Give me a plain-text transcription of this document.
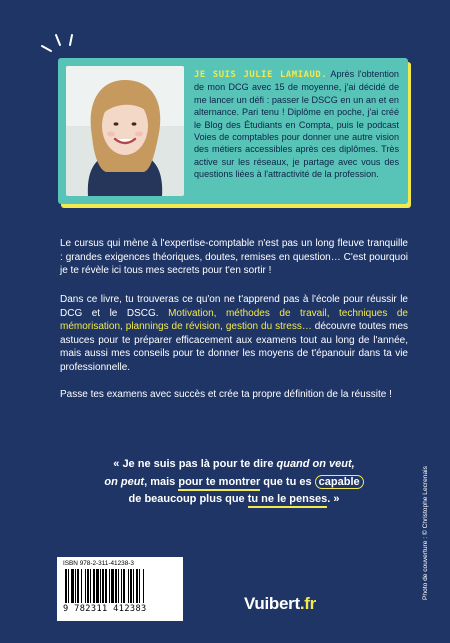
JE SUIS JULIE LAMIAUD. Après l'obtention de mon DCG avec 15 de moyenne, j'ai décidé de me lancer un défi : passer le DSCG en un an et en alternance. Pari tenu ! Diplôme en poche, j'ai créé le Blog des Étudiants en Compta, puis le podcast Voies de comptables pour donner une autre vision des métiers accessibles après ces diplômes. Très active sur les réseaux, je partage avec vous des questions liées à l'attractivité de la profession.

Le cursus qui mène à l'expertise-comptable n'est pas un long fleuve tranquille : grandes exigences théoriques, doutes, remises en question… C'est pourquoi je te révèle ici tous mes secrets pour t'en sortir !

Dans ce livre, tu trouveras ce qu'on ne t'apprend pas à l'école pour réussir le DCG et le DSCG. Motivation, méthodes de travail, techniques de mémorisation, plannings de révision, gestion du stress… découvre toutes mes astuces pour te préparer efficacement aux examens tout au long de l'année, mais aussi mes conseils pour te donner les moyens de t'épanouir dans ta vie professionnelle.

Passe tes examens avec succès et crée ta propre définition de la réussite !

« Je ne suis pas là pour te dire quand on veut,
on peut, mais pour te montrer que tu es capable
de beaucoup plus que tu ne le penses. »
ISBN 978-2-311-41238-3
9 782311 412383	Vuibert.fr
Photo de couverture : © Christophe Lecrenais
